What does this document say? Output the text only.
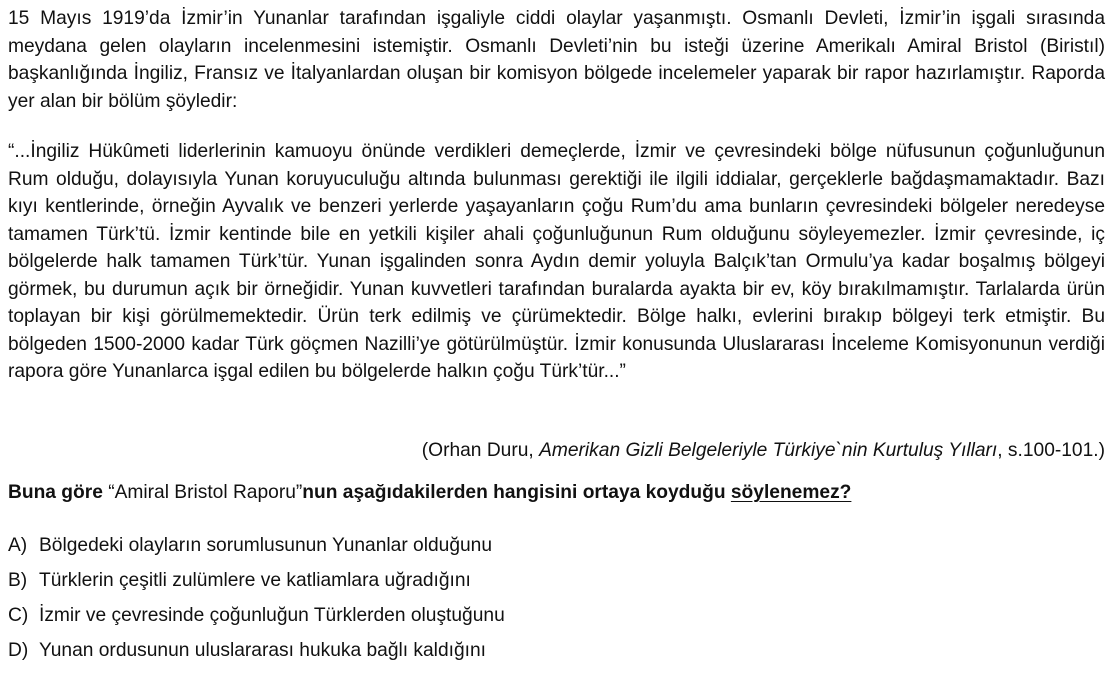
15 Mayıs 1919’da İzmir’in Yunanlar tarafından işgaliyle ciddi olaylar yaşanmıştı. Osmanlı Devleti, İzmir’in işgali sırasında meydana gelen olayların incelenmesini istemiştir. Osmanlı Devleti’nin bu isteği üzerine Amerikalı Amiral Bristol (Biristıl) başkanlığında İngiliz, Fransız ve İtalyanlardan oluşan bir komisyon bölgede incelemeler yaparak bir rapor hazırlamıştır. Raporda yer alan bir bölüm şöyledir:

“...İngiliz Hükûmeti liderlerinin kamuoyu önünde verdikleri demeçlerde, İzmir ve çevresindeki bölge nüfusunun çoğunluğunun Rum olduğu, dolayısıyla Yunan koruyuculuğu altında bulunması gerektiği ile ilgili iddialar, gerçeklerle bağdaşmamaktadır. Bazı kıyı kentlerinde, örneğin Ayvalık ve benzeri yerlerde yaşayanların çoğu Rum’du ama bunların çevresindeki bölgeler neredeyse tamamen Türk’tü. İzmir kentinde bile en yetkili kişiler ahali çoğunluğunun Rum olduğunu söyleyemezler. İzmir çevresinde, iç bölgelerde halk tamamen Türk’tür. Yunan işgalinden sonra Aydın demir yoluyla Balçık’tan Ormulu’ya kadar boşalmış bölgeyi görmek, bu durumun açık bir örneğidir. Yunan kuvvetleri tarafından buralarda ayakta bir ev, köy bırakılmamıştır. Tarlalarda ürün toplayan bir kişi görülmemektedir. Ürün terk edilmiş ve çürümektedir. Bölge halkı, evlerini bırakıp bölgeyi terk etmiştir. Bu bölgeden 1500-2000 kadar Türk göçmen Nazilli’ye götürülmüştür. İzmir konusunda Uluslararası İnceleme Komisyonunun verdiği rapora göre Yunanlarca işgal edilen bu bölgelerde halkın çoğu Türk’tür...”

(Orhan Duru, Amerikan Gizli Belgeleriyle Türkiye`nin Kurtuluş Yılları, s.100-101.)
Buna göre “Amiral Bristol Raporu”nun aşağıdakilerden hangisini ortaya koyduğu söylenemez?
A) Bölgedeki olayların sorumlusunun Yunanlar olduğunu
B) Türklerin çeşitli zulümlere ve katliamlara uğradığını
C) İzmir ve çevresinde çoğunluğun Türklerden oluştuğunu
D) Yunan ordusunun uluslararası hukuka bağlı kaldığını
